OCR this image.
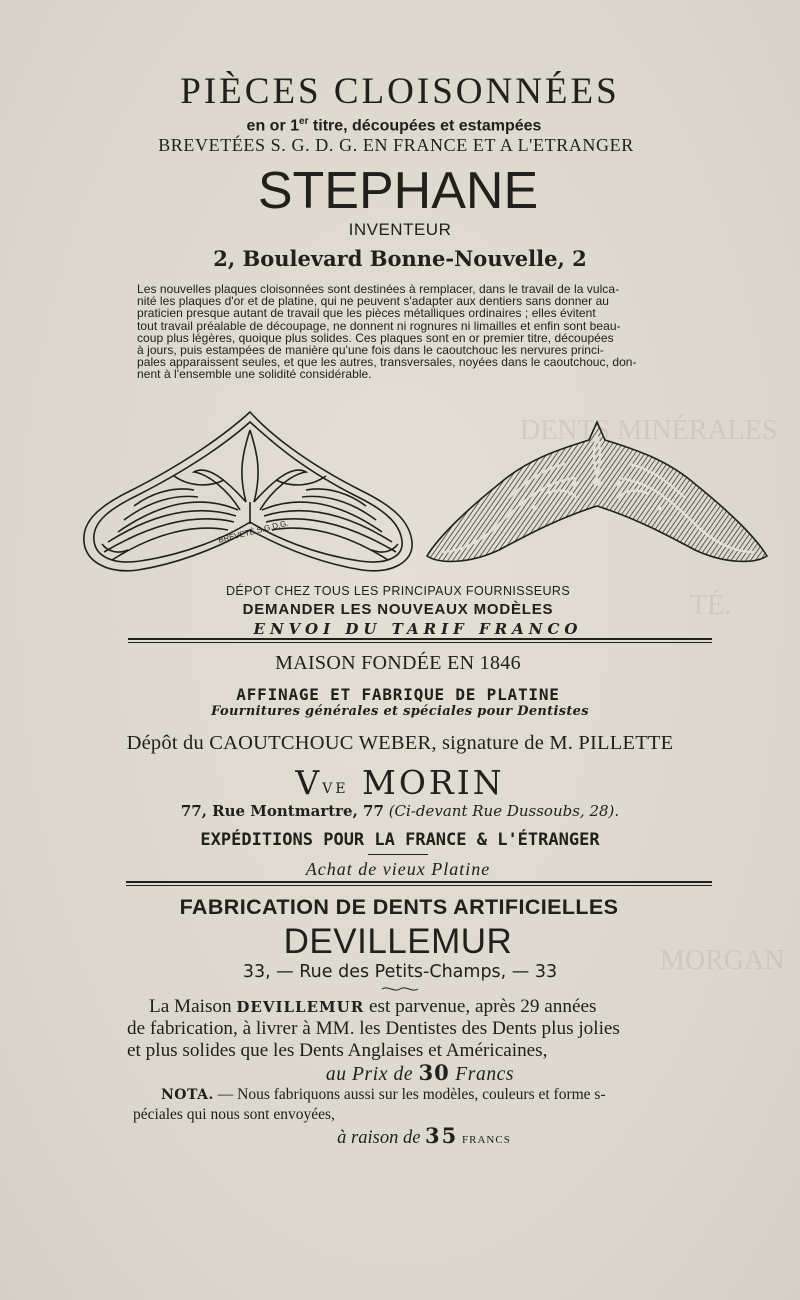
DENTS MINÉRALES
TÉ.
MORGAN
PIÈCES CLOISONNÉES
en or 1er titre, découpées et estampées
BREVETÉES S. G. D. G. EN FRANCE ET A L'ETRANGER
STEPHANE
INVENTEUR
2, Boulevard Bonne-Nouvelle, 2
Les nouvelles plaques cloisonnées sont destinées à remplacer, dans le travail de la vulca-
nité les plaques d'or et de platine, qui ne peuvent s'adapter aux dentiers sans donner au
praticien presque autant de travail que les pièces métalliques ordinaires ; elles évitent
tout travail préalable de découpage, ne donnent ni rognures ni limailles et enfin sont beau-
coup plus légères, quoique plus solides. Ces plaques sont en or premier titre, découpées
à jours, puis estampées de manière qu'une fois dans le caoutchouc les nervures princi-
pales apparaissent seules, et que les autres, transversales, noyées dans le caoutchouc, don-
nent à l'ensemble une solidité considérable.
BREVETÉ S.G.D.G.
DÉPOT CHEZ TOUS LES PRINCIPAUX FOURNISSEURS
DEMANDER LES NOUVEAUX MODÈLES
ENVOI DU TARIF FRANCO
MAISON FONDÉE EN 1846
AFFINAGE ET FABRIQUE DE PLATINE
Fournitures générales et spéciales pour Dentistes
Dépôt du CAOUTCHOUC WEBER, signature de M. PILLETTE
$V^{VE}$ MORIN
77, Rue Montmartre, 77 (Ci-devant Rue Dussoubs, 28).
EXPÉDITIONS POUR LA FRANCE & L'ÉTRANGER
Achat de vieux Platine
FABRICATION DE DENTS ARTIFICIELLES
DEVILLEMUR
33, — Rue des Petits-Champs, — 33
La Maison DEVILLEMUR est parvenue, après 29 années
de fabrication, à livrer à MM. les Dentistes des Dents plus jolies
et plus solides que les Dents Anglaises et Américaines,
au Prix de 30 Francs
NOTA. — Nous fabriquons aussi sur les modèles, couleurs et forme s-
péciales qui nous sont envoyées,
à raison de 35 FRANCS
